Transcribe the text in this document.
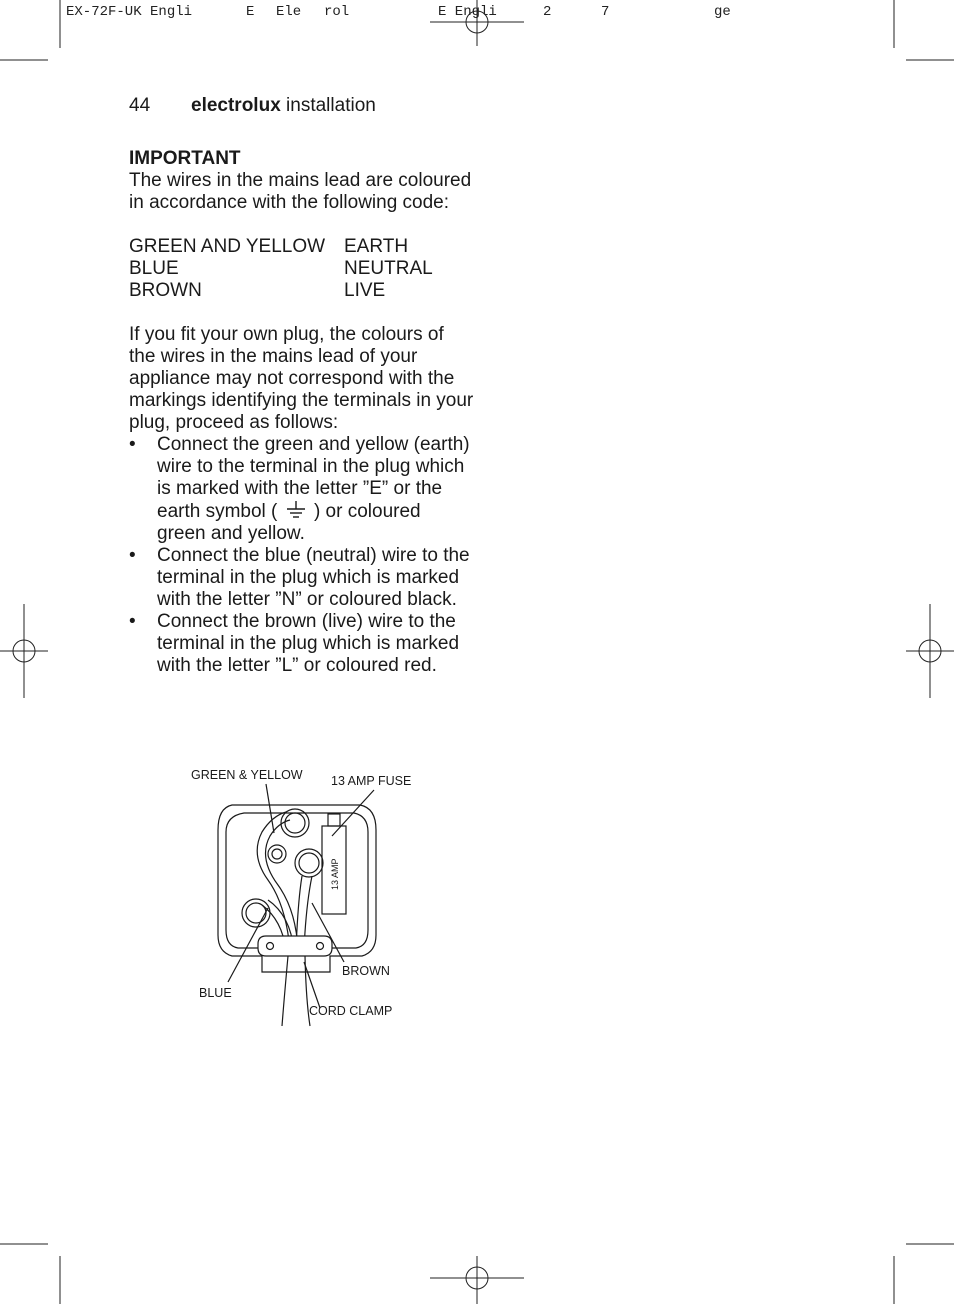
EX-72F-UK Engli

	E

Ele

rol

	E Engli

	2

	7

	ge

44 electrolux installation
IMPORTANT

The wires in the mains lead are coloured in accordance with the following code:

GREEN AND YELLOW EARTH
BLUE	NEUTRAL
BROWN	LIVE

If you fit your own plug, the colours of the wires in the mains lead of your appliance may not correspond with the markings identifying the terminals in your plug, proceed as follows:

• Connect the green and yellow (earth) wire to the terminal in the plug which is marked with the letter ”E” or the earth symbol ( ) or coloured green and yellow.
• Connect the blue (neutral) wire to the terminal in the plug which is marked with the letter ”N” or coloured black.
• Connect the brown (live) wire to the terminal in the plug which is marked with the letter ”L” or coloured red.
GREEN & YELLOW 13 AMP FUSE
13 AMP
BROWN
BLUE
CORD CLAMP
